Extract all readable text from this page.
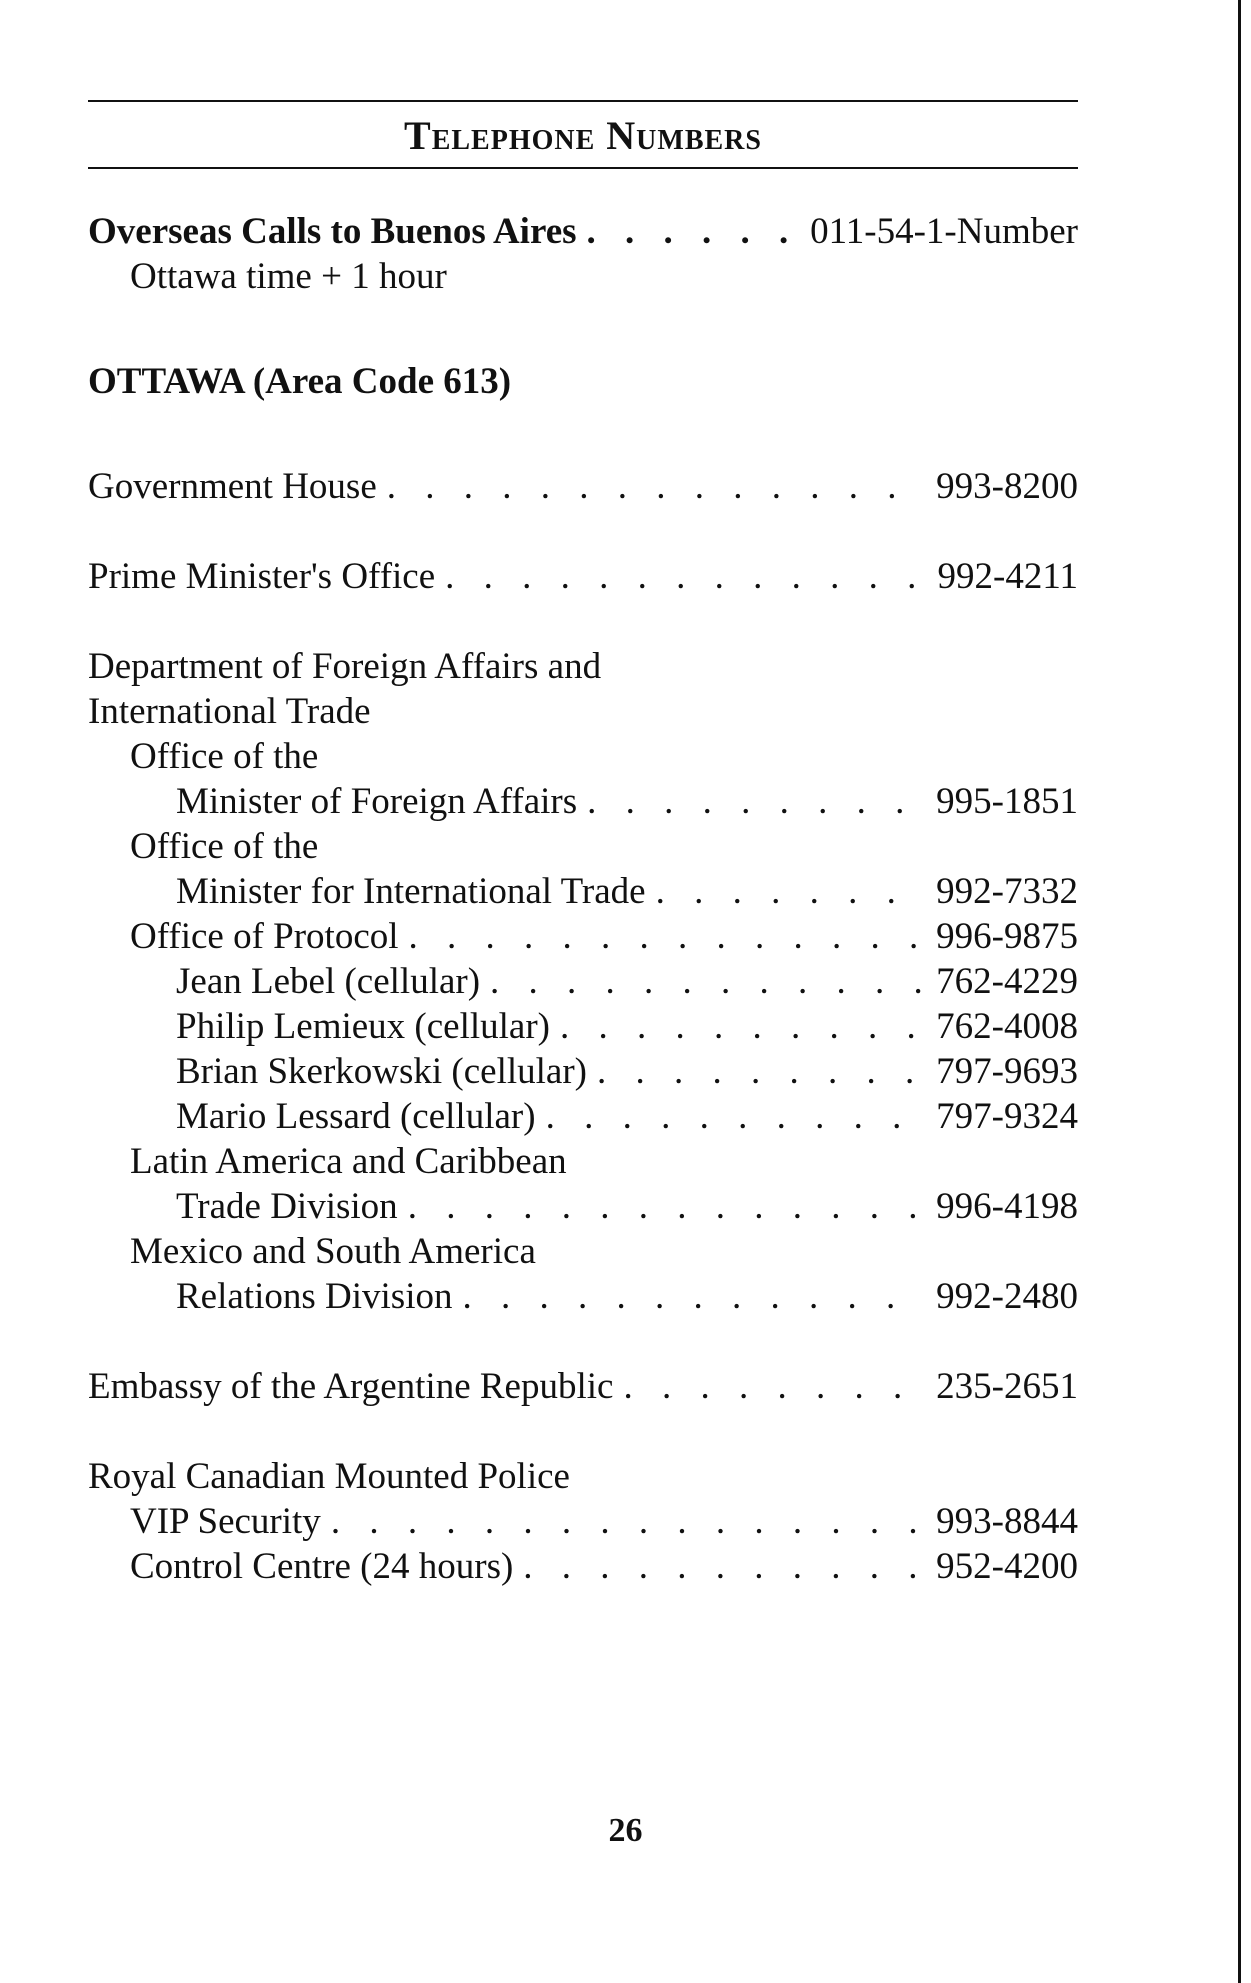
Telephone Numbers
Overseas Calls to Buenos Aires . . .	011-54-1-Number
Ottawa time + 1 hour
OTTAWA (Area Code 613)
Government House . . .	993-8200
Prime Minister's Office . . .	992-4211
Department of Foreign Affairs and
International Trade
Office of the
Minister of Foreign Affairs . . .	995-1851
Office of the
Minister for International Trade . . .	992-7332
Office of Protocol . . .	996-9875
Jean Lebel (cellular) . . .	762-4229
Philip Lemieux (cellular) . . .	762-4008
Brian Skerkowski (cellular) . . .	797-9693
Mario Lessard (cellular) . . .	797-9324
Latin America and Caribbean
Trade Division . . .	996-4198
Mexico and South America
Relations Division . . .	992-2480
Embassy of the Argentine Republic . . .	235-2651
Royal Canadian Mounted Police
VIP Security . . .	993-8844
Control Centre (24 hours) . . .	952-4200
26
